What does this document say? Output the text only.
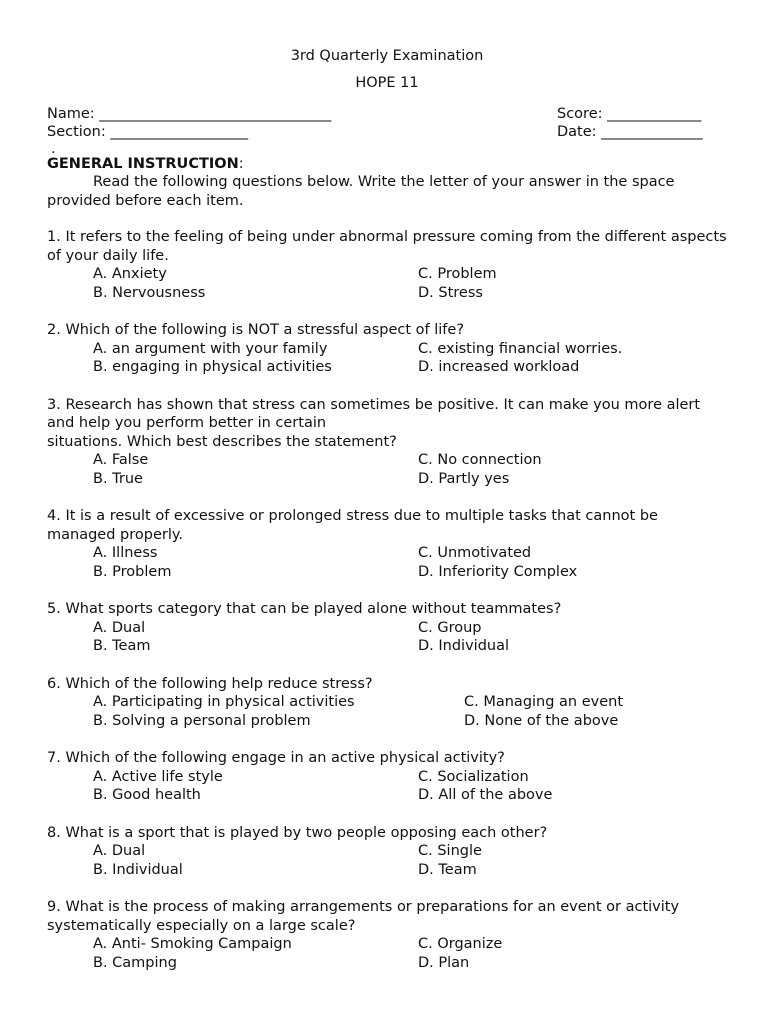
3rd Quarterly Examination
HOPE 11
Name: ________________________________
Section: ___________________
Score: _____________
Date: ______________
.
GENERAL INSTRUCTION:
Read the following questions below. Write the letter of your answer in the space provided before each item.
1. It refers to the feeling of being under abnormal pressure coming from the different aspects of your daily life.
A. Anxiety
B. Nervousness
C. Problem
D. Stress
2. Which of the following is NOT a stressful aspect of life?
A. an argument with your family
B. engaging in physical activities
C. existing financial worries.
D. increased workload
3. Research has shown that stress can sometimes be positive. It can make you more alert and help you perform better in certain
situations. Which best describes the statement?
A. False
B. True
C. No connection
D. Partly yes
4. It is a result of excessive or prolonged stress due to multiple tasks that cannot be managed properly.
A. Illness
B. Problem
C. Unmotivated
D. Inferiority Complex
5. What sports category that can be played alone without teammates?
A. Dual
B. Team
C. Group
D. Individual
6. Which of the following help reduce stress?
A. Participating in physical activities
B. Solving a personal problem
C. Managing an event
D. None of the above
7. Which of the following engage in an active physical activity?
A. Active life style
B. Good health
C. Socialization
D. All of the above
8. What is a sport that is played by two people opposing each other?
A. Dual
B. Individual
C. Single
D. Team
9. What is the process of making arrangements or preparations for an event or activity systematically especially on a large scale?
A. Anti- Smoking Campaign
B. Camping
C. Organize
D. Plan
